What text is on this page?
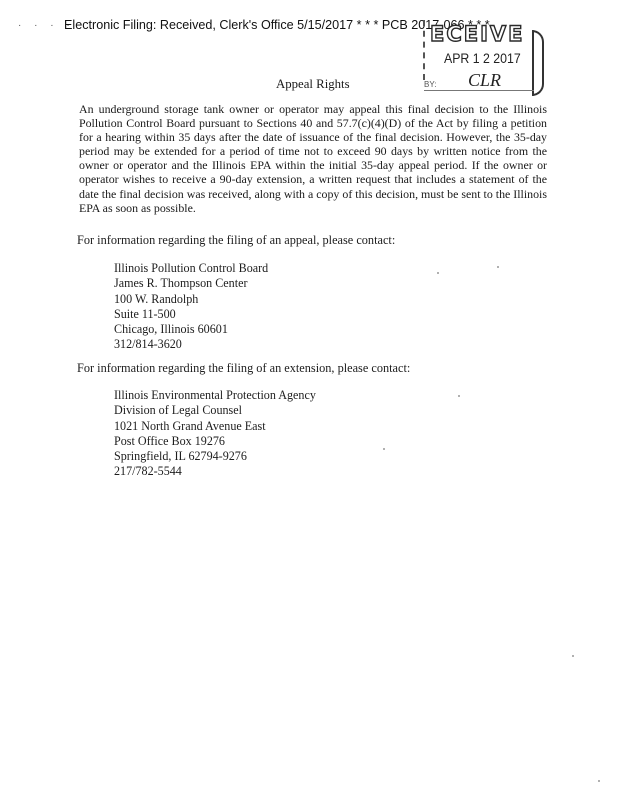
· · · ·
Electronic Filing: Received, Clerk's Office 5/15/2017 * * * PCB 2017-066 * * *
ECEIVE
APR 1 2 2017
CLR
BY:
Appeal Rights
An underground storage tank owner or operator may appeal this final decision to the Illinois Pollution Control Board pursuant to Sections 40 and 57.7(c)(4)(D) of the Act by filing a petition for a hearing within 35 days after the date of issuance of the final decision. However, the 35-day period may be extended for a period of time not to exceed 90 days by written notice from the owner or operator and the Illinois EPA within the initial 35-day appeal period. If the owner or operator wishes to receive a 90-day extension, a written request that includes a statement of the date the final decision was received, along with a copy of this decision, must be sent to the Illinois EPA as soon as possible.
For information regarding the filing of an appeal, please contact:
Illinois Pollution Control Board
James R. Thompson Center
100 W. Randolph
Suite 11-500
Chicago, Illinois 60601
312/814-3620
For information regarding the filing of an extension, please contact:
Illinois Environmental Protection Agency
Division of Legal Counsel
1021 North Grand Avenue East
Post Office Box 19276
Springfield, IL 62794-9276
217/782-5544
